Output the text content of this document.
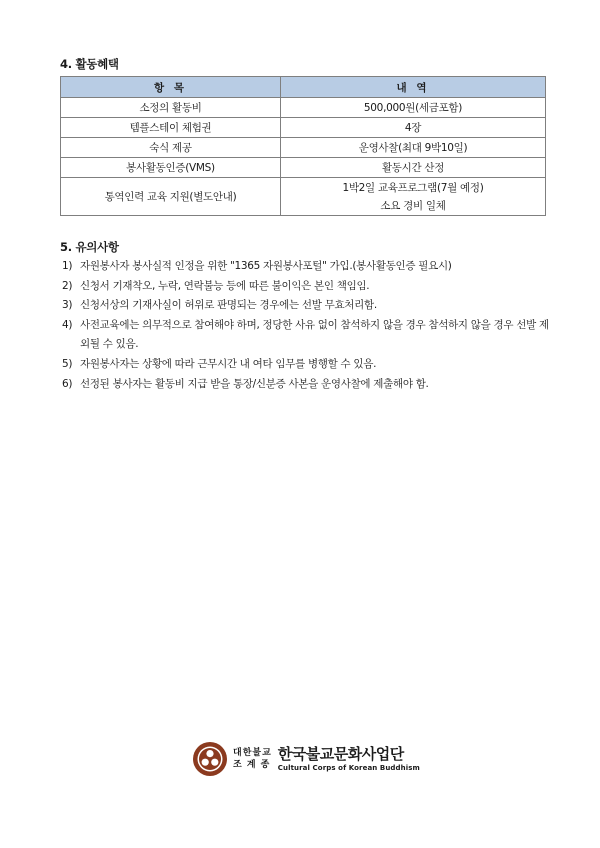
4. 활동혜택
항 목	내 역
소정의 활동비	500,000원(세금포함)
템플스테이 체험권	4장
숙식 제공	운영사찰(최대 9박10일)
봉사활동인증(VMS)	활동시간 산정
통역인력 교육 지원(별도안내)	1박2일 교육프로그램(7월 예정)
소요 경비 일체
5. 유의사항
1) 자원봉사자 봉사실적 인정을 위한 "1365 자원봉사포털" 가입.(봉사활동인증 필요시)
2) 신청서 기재착오, 누락, 연락불능 등에 따른 불이익은 본인 책임임.
3) 신청서상의 기재사실이 허위로 판명되는 경우에는 선발 무효처리함.
4) 사전교육에는 의무적으로 참여해야 하며, 정당한 사유 없이 참석하지 않을 경우 참석하지 않을 경우 선발 제외될 수 있음.
5) 자원봉사자는 상황에 따라 근무시간 내 여타 임무를 병행할 수 있음.
6) 선정된 봉사자는 활동비 지급 받을 통장/신분증 사본을 운영사찰에 제출해야 함.
대한불교
조 계 종
한국불교문화사업단
Cultural Corps of Korean Buddhism
